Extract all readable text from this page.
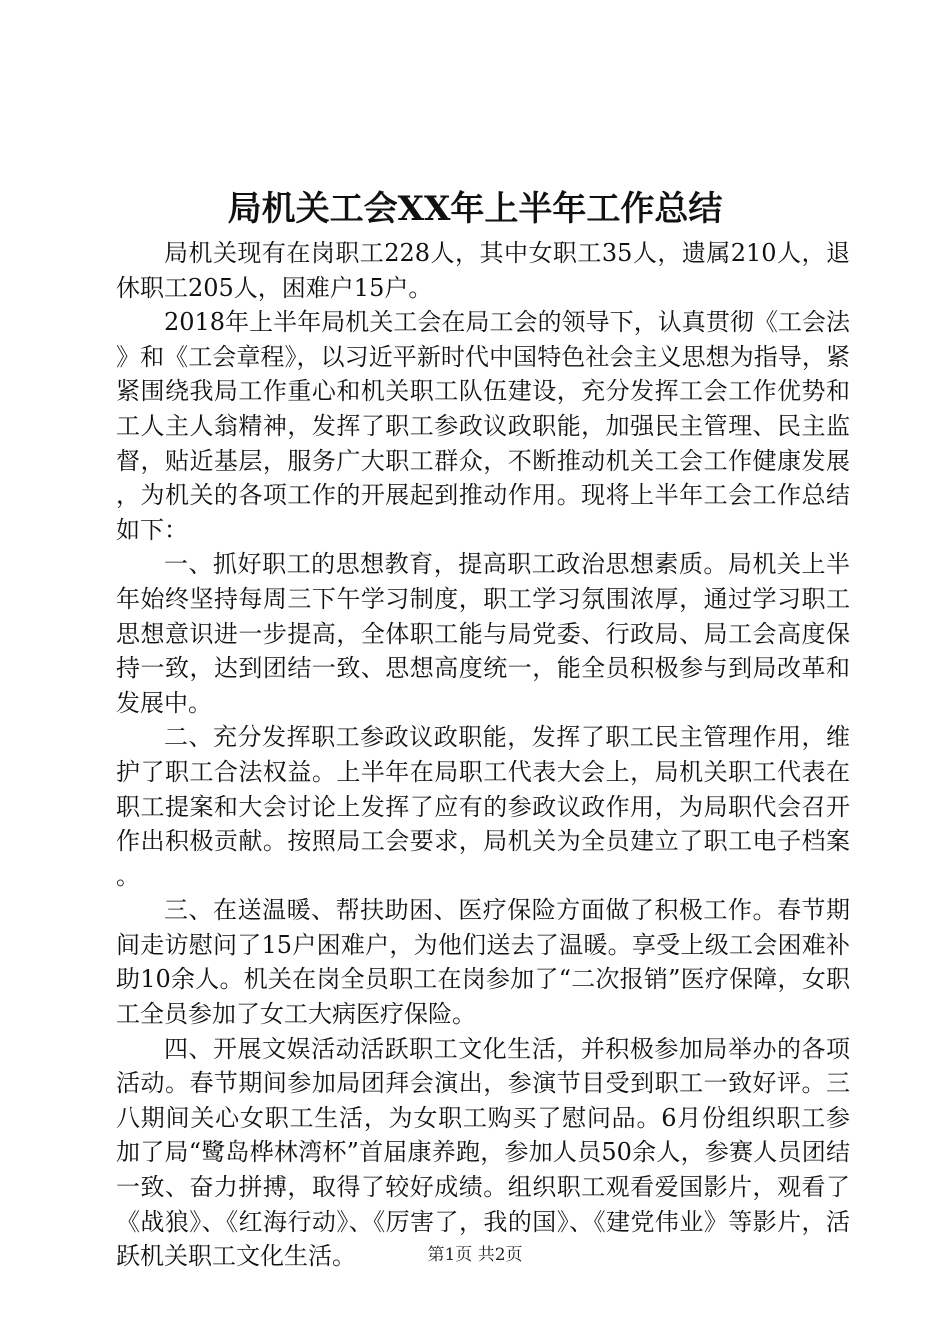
局机关工会XX年上半年工作总结

局机关现有在岗职工228人，其中女职工35人，遗属210人，退休职工205人，困难户15户。

2018年上半年局机关工会在局工会的领导下，认真贯彻《工会法》和《工会章程》，以习近平新时代中国特色社会主义思想为指导，紧紧围绕我局工作重心和机关职工队伍建设，充分发挥工会工作优势和工人主人翁精神，发挥了职工参政议政职能，加强民主管理、民主监督，贴近基层，服务广大职工群众，不断推动机关工会工作健康发展，为机关的各项工作的开展起到推动作用。现将上半年工会工作总结如下：

一、抓好职工的思想教育，提高职工政治思想素质。局机关上半年始终坚持每周三下午学习制度，职工学习氛围浓厚，通过学习职工思想意识进一步提高，全体职工能与局党委、行政局、局工会高度保持一致，达到团结一致、思想高度统一，能全员积极参与到局改革和发展中。

二、充分发挥职工参政议政职能，发挥了职工民主管理作用，维护了职工合法权益。上半年在局职工代表大会上，局机关职工代表在职工提案和大会讨论上发挥了应有的参政议政作用，为局职代会召开作出积极贡献。按照局工会要求，局机关为全员建立了职工电子档案。

三、在送温暖、帮扶助困、医疗保险方面做了积极工作。春节期间走访慰问了15户困难户，为他们送去了温暖。享受上级工会困难补助10余人。机关在岗全员职工在岗参加了“二次报销”医疗保障，女职工全员参加了女工大病医疗保险。

四、开展文娱活动活跃职工文化生活，并积极参加局举办的各项活动。春节期间参加局团拜会演出，参演节目受到职工一致好评。三八期间关心女职工生活，为女职工购买了慰问品。6月份组织职工参加了局“鹭岛桦林湾杯”首届康养跑，参加人员50余人，参赛人员团结一致、奋力拼搏，取得了较好成绩。组织职工观看爱国影片，观看了《战狼》、《红海行动》、《厉害了，我的国》、《建党伟业》等影片，活跃机关职工文化生活。	第1页 共2页
